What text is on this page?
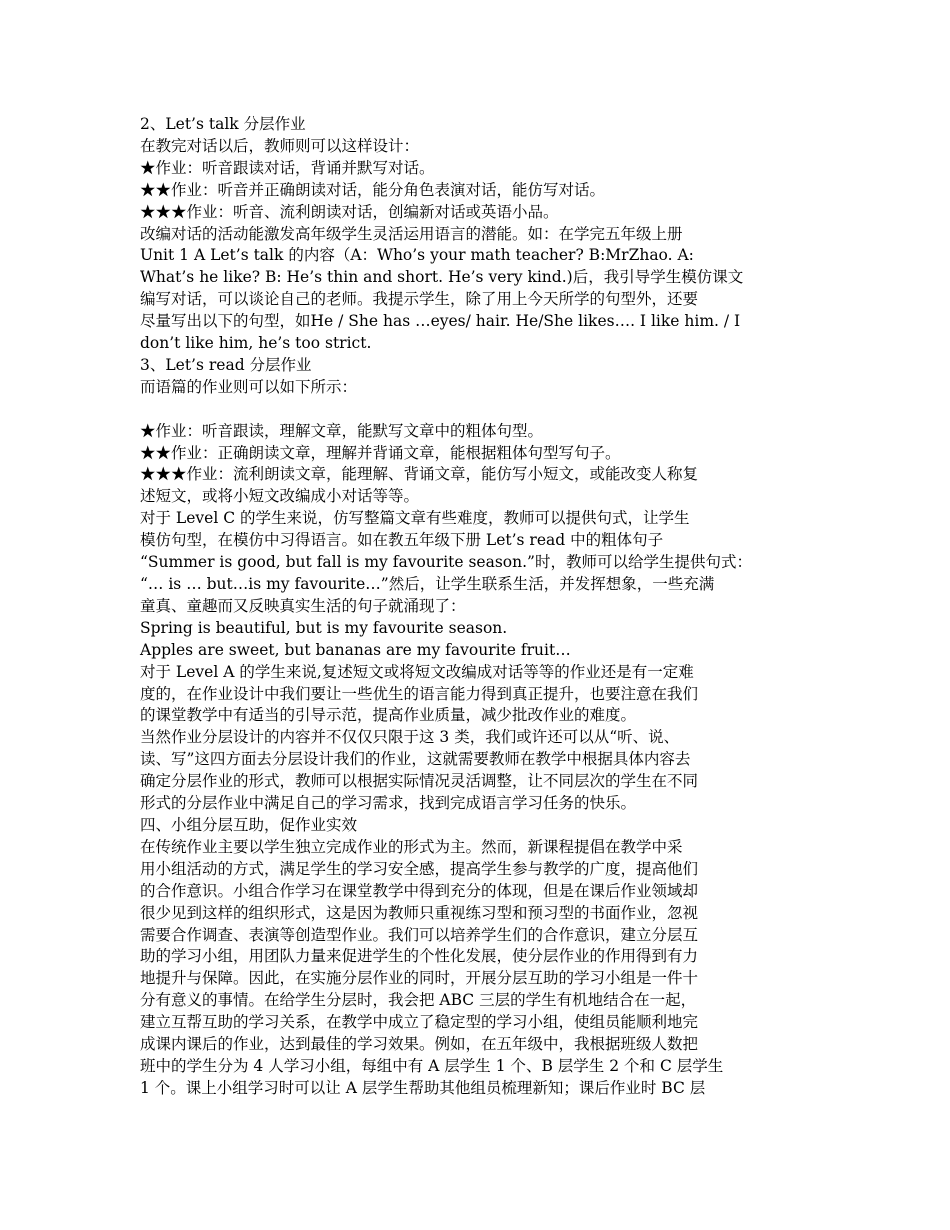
2、Let’s talk 分层作业
在教完对话以后，教师则可以这样设计：
★作业：听音跟读对话，背诵并默写对话。
★★作业：听音并正确朗读对话，能分角色表演对话，能仿写对话。
★★★作业：听音、流利朗读对话，创编新对话或英语小品。
改编对话的活动能激发高年级学生灵活运用语言的潜能。如：在学完五年级上册
Unit 1 A Let’s talk 的内容（A：Who’s your math teacher? B:MrZhao. A:
What’s he like? B: He’s thin and short. He’s very kind.)后，我引导学生模仿课文
编写对话，可以谈论自己的老师。我提示学生，除了用上今天所学的句型外，还要
尽量写出以下的句型，如He / She has …eyes/ hair. He/She likes…. I like him. / I
don’t like him, he’s too strict.
3、Let’s read 分层作业
而语篇的作业则可以如下所示：
★作业：听音跟读，理解文章，能默写文章中的粗体句型。
★★作业：正确朗读文章，理解并背诵文章，能根据粗体句型写句子。
★★★作业：流利朗读文章，能理解、背诵文章，能仿写小短文，或能改变人称复
述短文，或将小短文改编成小对话等等。
对于 Level C 的学生来说，仿写整篇文章有些难度，教师可以提供句式，让学生
模仿句型，在模仿中习得语言。如在教五年级下册 Let’s read 中的粗体句子
“Summer is good, but fall is my favourite season.”时，教师可以给学生提供句式：
“… is … but…is my favourite…”然后，让学生联系生活，并发挥想象，一些充满
童真、童趣而又反映真实生活的句子就涌现了：
Spring is beautiful, but is my favourite season.
Apples are sweet, but bananas are my favourite fruit…
对于 Level A 的学生来说,复述短文或将短文改编成对话等等的作业还是有一定难
度的，在作业设计中我们要让一些优生的语言能力得到真正提升，也要注意在我们
的课堂教学中有适当的引导示范，提高作业质量，减少批改作业的难度。
当然作业分层设计的内容并不仅仅只限于这 3 类，我们或许还可以从“听、说、
读、写”这四方面去分层设计我们的作业，这就需要教师在教学中根据具体内容去
确定分层作业的形式，教师可以根据实际情况灵活调整，让不同层次的学生在不同
形式的分层作业中满足自己的学习需求，找到完成语言学习任务的快乐。
四、小组分层互助，促作业实效
在传统作业主要以学生独立完成作业的形式为主。然而，新课程提倡在教学中采
用小组活动的方式，满足学生的学习安全感，提高学生参与教学的广度，提高他们
的合作意识。小组合作学习在课堂教学中得到充分的体现，但是在课后作业领域却
很少见到这样的组织形式，这是因为教师只重视练习型和预习型的书面作业，忽视
需要合作调查、表演等创造型作业。我们可以培养学生们的合作意识，建立分层互
助的学习小组，用团队力量来促进学生的个性化发展，使分层作业的作用得到有力
地提升与保障。因此，在实施分层作业的同时，开展分层互助的学习小组是一件十
分有意义的事情。在给学生分层时，我会把 ABC 三层的学生有机地结合在一起，
建立互帮互助的学习关系，在教学中成立了稳定型的学习小组，使组员能顺利地完
成课内课后的作业，达到最佳的学习效果。例如，在五年级中，我根据班级人数把
班中的学生分为 4 人学习小组，每组中有 A 层学生 1 个、B 层学生 2 个和 C 层学生
1 个。课上小组学习时可以让 A 层学生帮助其他组员梳理新知；课后作业时 BC 层
